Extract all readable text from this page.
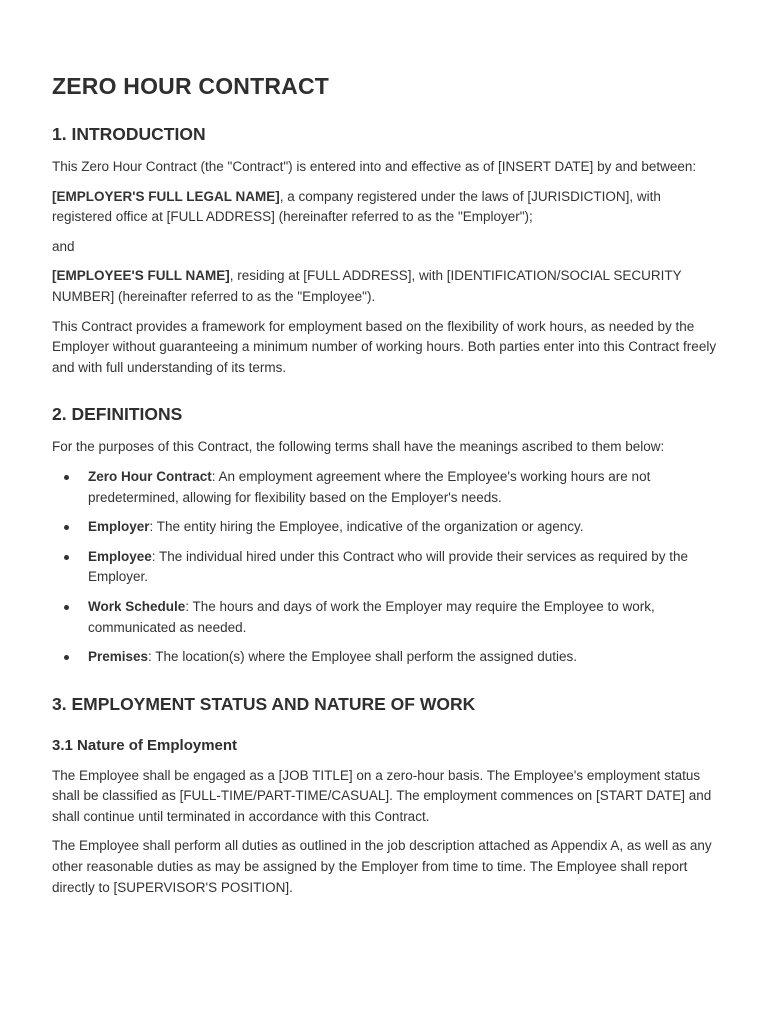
ZERO HOUR CONTRACT
1. INTRODUCTION

This Zero Hour Contract (the "Contract") is entered into and effective as of [INSERT DATE] by and between:

[EMPLOYER'S FULL LEGAL NAME], a company registered under the laws of [JURISDICTION], with registered office at [FULL ADDRESS] (hereinafter referred to as the "Employer");

and

[EMPLOYEE'S FULL NAME], residing at [FULL ADDRESS], with [IDENTIFICATION/SOCIAL SECURITY NUMBER] (hereinafter referred to as the "Employee").

This Contract provides a framework for employment based on the flexibility of work hours, as needed by the Employer without guaranteeing a minimum number of working hours. Both parties enter into this Contract freely and with full understanding of its terms.

2. DEFINITIONS

For the purposes of this Contract, the following terms shall have the meanings ascribed to them below:

Zero Hour Contract: An employment agreement where the Employee's working hours are not predetermined, allowing for flexibility based on the Employer's needs.
Employer: The entity hiring the Employee, indicative of the organization or agency.
Employee: The individual hired under this Contract who will provide their services as required by the Employer.
Work Schedule: The hours and days of work the Employer may require the Employee to work, communicated as needed.
Premises: The location(s) where the Employee shall perform the assigned duties.
3. EMPLOYMENT STATUS AND NATURE OF WORK
3.1 Nature of Employment

The Employee shall be engaged as a [JOB TITLE] on a zero-hour basis. The Employee's employment status shall be classified as [FULL-TIME/PART-TIME/CASUAL]. The employment commences on [START DATE] and shall continue until terminated in accordance with this Contract.

The Employee shall perform all duties as outlined in the job description attached as Appendix A, as well as any other reasonable duties as may be assigned by the Employer from time to time. The Employee shall report directly to [SUPERVISOR'S POSITION].
